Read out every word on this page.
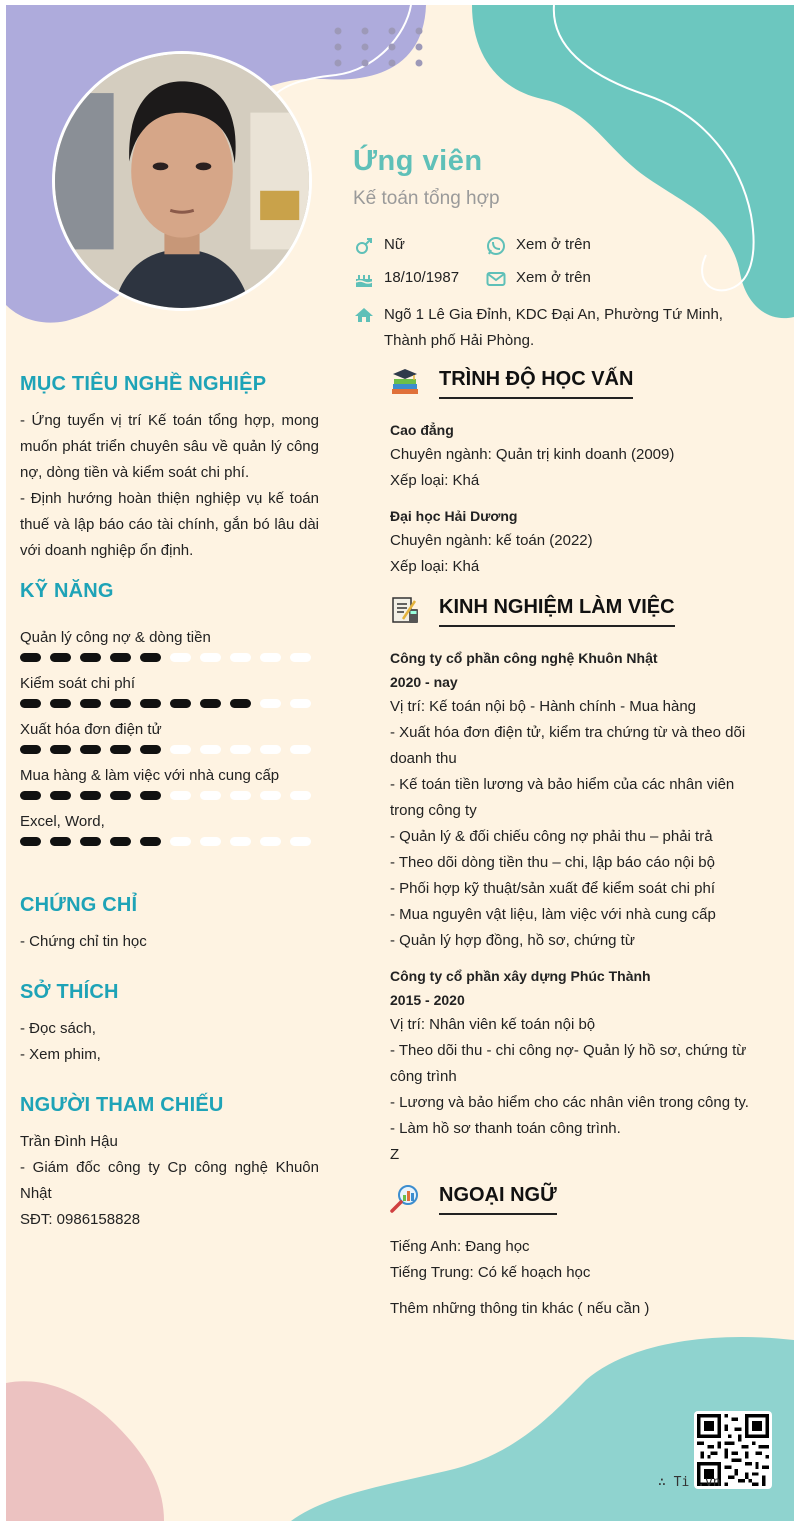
Ứng viên
Kế toán tổng hợp
Nữ	Xem ở trên
18/10/1987	Xem ở trên
Ngõ 1 Lê Gia Đỉnh, KDC Đại An, Phường Tứ Minh, Thành phố Hải Phòng.
MỤC TIÊU NGHỀ NGHIỆP
- Ứng tuyển vị trí Kế toán tổng hợp, mong muốn phát triển chuyên sâu về quản lý công nợ, dòng tiền và kiểm soát chi phí.
- Định hướng hoàn thiện nghiệp vụ kế toán thuế và lập báo cáo tài chính, gắn bó lâu dài với doanh nghiệp ổn định.
KỸ NĂNG
Quản lý công nợ & dòng tiền
Kiểm soát chi phí
Xuất hóa đơn điện tử
Mua hàng & làm việc với nhà cung cấp
Excel, Word,
CHỨNG CHỈ
- Chứng chỉ tin học
SỞ THÍCH
- Đọc sách,
- Xem phim,
NGƯỜI THAM CHIẾU
Trần Đình Hậu
- Giám đốc công ty Cp công nghệ Khuôn Nhật
SĐT: 0986158828
TRÌNH ĐỘ HỌC VẤN
Cao đẳng
Chuyên ngành: Quản trị kinh doanh (2009)
Xếp loại: Khá
Đại học Hải Dương
Chuyên ngành: kế toán (2022)
Xếp loại: Khá
KINH NGHIỆM LÀM VIỆC
Công ty cổ phần công nghệ Khuôn Nhật
2020 - nay
Vị trí: Kế toán nội bộ - Hành chính - Mua hàng
- Xuất hóa đơn điện tử, kiểm tra chứng từ và theo dõi doanh thu
- Kế toán tiền lương và bảo hiểm của các nhân viên trong công ty
- Quản lý & đối chiếu công nợ phải thu – phải trả
- Theo dõi dòng tiền thu – chi, lập báo cáo nội bộ
- Phối hợp kỹ thuật/sản xuất để kiểm soát chi phí
- Mua nguyên vật liệu, làm việc với nhà cung cấp
- Quản lý hợp đồng, hồ sơ, chứng từ
Công ty cổ phần xây dựng Phúc Thành
2015 - 2020
Vị trí: Nhân viên kế toán nội bộ
- Theo dõi thu - chi công nợ- Quản lý hồ sơ, chứng từ công trình
- Lương và bảo hiểm cho các nhân viên trong công ty.
- Làm hồ sơ thanh toán công trình.
Z
NGOẠI NGỮ
Tiếng Anh: Đang học
Tiếng Trung: Có kế hoạch học
Thêm những thông tin khác ( nếu cần )
∴ Ti .vn
